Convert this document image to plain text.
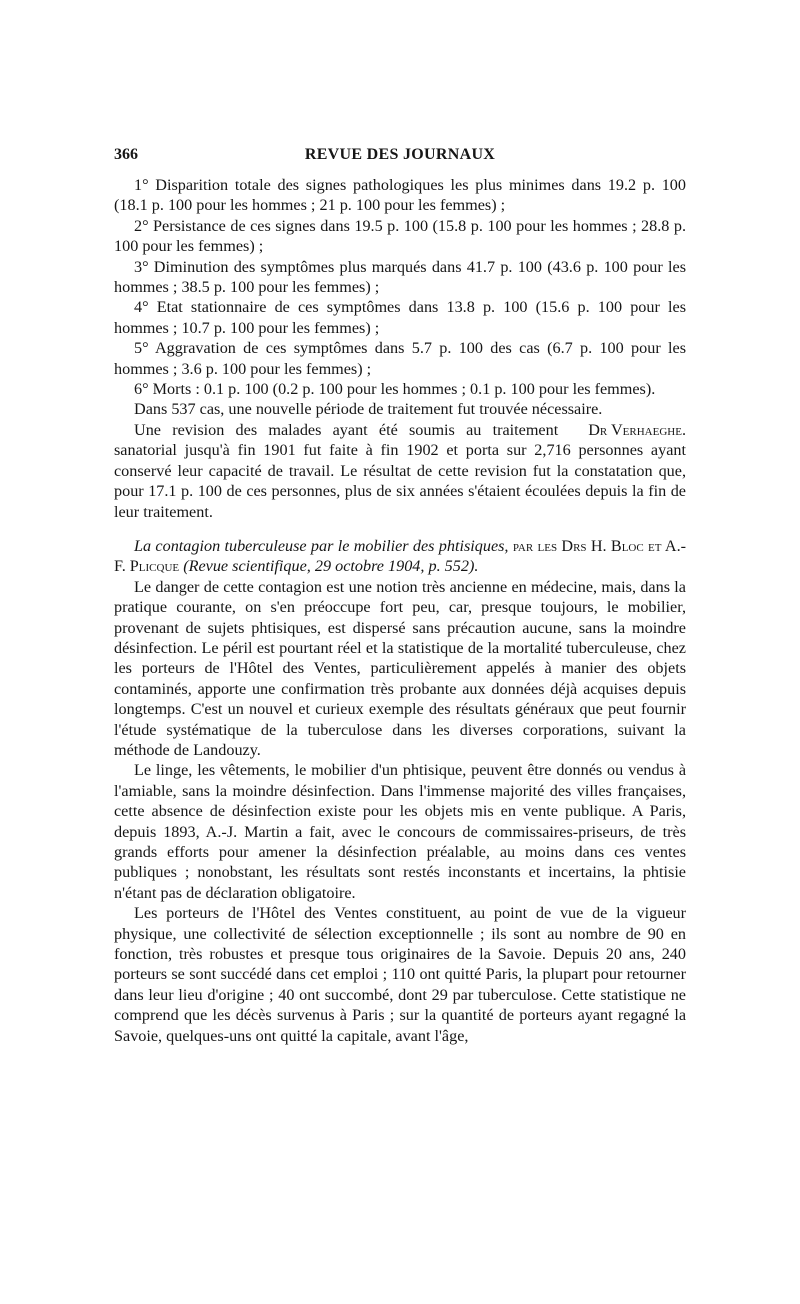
366	REVUE DES JOURNAUX

1° Disparition totale des signes pathologiques les plus minimes dans 19.2 p. 100 (18.1 p. 100 pour les hommes ; 21 p. 100 pour les femmes) ;

2° Persistance de ces signes dans 19.5 p. 100 (15.8 p. 100 pour les hommes ; 28.8 p. 100 pour les femmes) ;

3° Diminution des symptômes plus marqués dans 41.7 p. 100 (43.6 p. 100 pour les hommes ; 38.5 p. 100 pour les femmes) ;

4° Etat stationnaire de ces symptômes dans 13.8 p. 100 (15.6 p. 100 pour les hommes ; 10.7 p. 100 pour les femmes) ;

5° Aggravation de ces symptômes dans 5.7 p. 100 des cas (6.7 p. 100 pour les hommes ; 3.6 p. 100 pour les femmes) ;

6° Morts : 0.1 p. 100 (0.2 p. 100 pour les hommes ; 0.1 p. 100 pour les femmes).

Dans 537 cas, une nouvelle période de traitement fut trouvée nécessaire.

Dr Verhaeghe.
Une revision des malades ayant été soumis au traitement sanatorial jusqu'à fin 1901 fut faite à fin 1902 et porta sur 2,716 personnes ayant conservé leur capacité de travail. Le résultat de cette revision fut la constatation que, pour 17.1 p. 100 de ces personnes, plus de six années s'étaient écoulées depuis la fin de leur traitement.

La contagion tuberculeuse par le mobilier des phtisiques, par les Drs H. Bloc et A.-F. Plicque (Revue scientifique, 29 octobre 1904, p. 552).

Le danger de cette contagion est une notion très ancienne en médecine, mais, dans la pratique courante, on s'en préoccupe fort peu, car, presque toujours, le mobilier, provenant de sujets phtisiques, est dispersé sans précaution aucune, sans la moindre désinfection. Le péril est pourtant réel et la statistique de la mortalité tuberculeuse, chez les porteurs de l'Hôtel des Ventes, particulièrement appelés à manier des objets contaminés, apporte une confirmation très probante aux données déjà acquises depuis longtemps. C'est un nouvel et curieux exemple des résultats généraux que peut fournir l'étude systématique de la tuberculose dans les diverses corporations, suivant la méthode de Landouzy.

Le linge, les vêtements, le mobilier d'un phtisique, peuvent être donnés ou vendus à l'amiable, sans la moindre désinfection. Dans l'immense majorité des villes françaises, cette absence de désinfection existe pour les objets mis en vente publique. A Paris, depuis 1893, A.-J. Martin a fait, avec le concours de commissaires-priseurs, de très grands efforts pour amener la désinfection préalable, au moins dans ces ventes publiques ; nonobstant, les résultats sont restés inconstants et incertains, la phtisie n'étant pas de déclaration obligatoire.

Les porteurs de l'Hôtel des Ventes constituent, au point de vue de la vigueur physique, une collectivité de sélection exceptionnelle ; ils sont au nombre de 90 en fonction, très robustes et presque tous originaires de la Savoie. Depuis 20 ans, 240 porteurs se sont succédé dans cet emploi ; 110 ont quitté Paris, la plupart pour retourner dans leur lieu d'origine ; 40 ont succombé, dont 29 par tuberculose. Cette statistique ne comprend que les décès survenus à Paris ; sur la quantité de porteurs ayant regagné la Savoie, quelques-uns ont quitté la capitale, avant l'âge,
